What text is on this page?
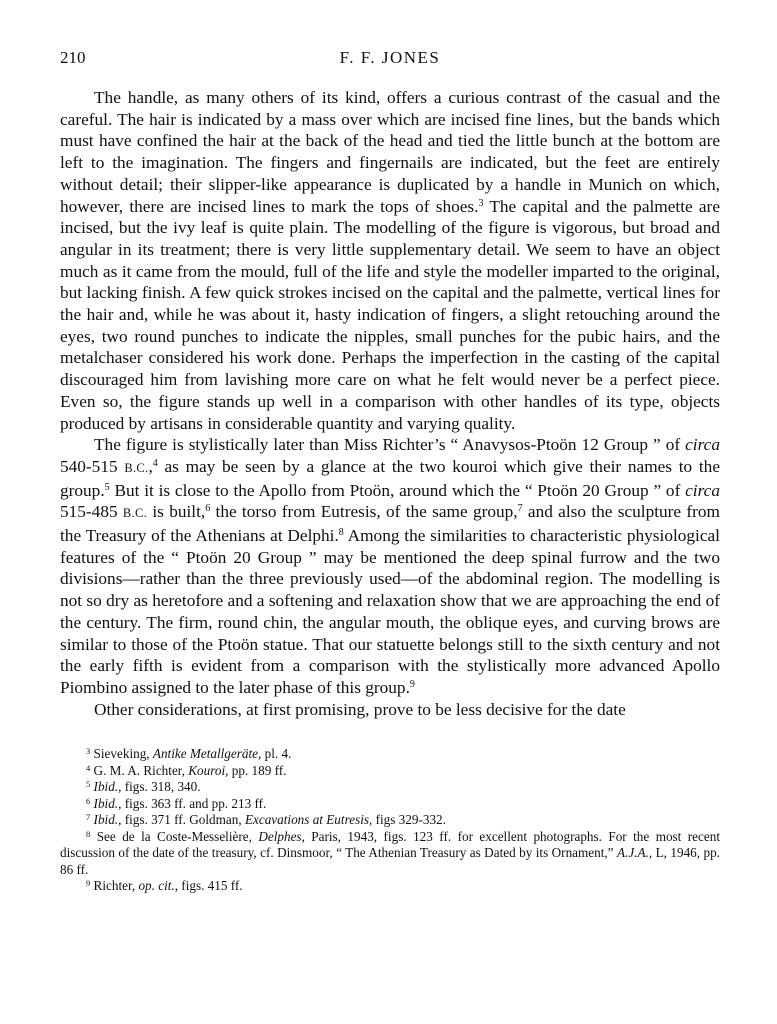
210	F. F. JONES

The handle, as many others of its kind, offers a curious contrast of the casual and the careful. The hair is indicated by a mass over which are incised fine lines, but the bands which must have confined the hair at the back of the head and tied the little bunch at the bottom are left to the imagination. The fingers and fingernails are indicated, but the feet are entirely without detail; their slipper-like appearance is duplicated by a handle in Munich on which, however, there are incised lines to mark the tops of shoes.$^3$ The capital and the palmette are incised, but the ivy leaf is quite plain. The modelling of the figure is vigorous, but broad and angular in its treatment; there is very little supplementary detail. We seem to have an object much as it came from the mould, full of the life and style the modeller imparted to the original, but lacking finish. A few quick strokes incised on the capital and the palmette, vertical lines for the hair and, while he was about it, hasty indication of fingers, a slight retouching around the eyes, two round punches to indicate the nipples, small punches for the pubic hairs, and the metalchaser considered his work done. Perhaps the imperfection in the casting of the capital discouraged him from lavishing more care on what he felt would never be a perfect piece. Even so, the figure stands up well in a comparison with other handles of its type, objects produced by artisans in considerable quantity and varying quality.

The figure is stylistically later than Miss Richter’s “ Anavysos-Ptoön 12 Group ” of circa 540-515 B.C.,$^4$ as may be seen by a glance at the two kouroi which give their names to the group.$^5$ But it is close to the Apollo from Ptoön, around which the “ Ptoön 20 Group ” of circa 515-485 B.C. is built,$^6$ the torso from Eutresis, of the same group,$^7$ and also the sculpture from the Treasury of the Athenians at Delphi.$^8$ Among the similarities to characteristic physiological features of the “ Ptoön 20 Group ” may be mentioned the deep spinal furrow and the two divisions—rather than the three previously used—of the abdominal region. The modelling is not so dry as heretofore and a softening and relaxation show that we are approaching the end of the century. The firm, round chin, the angular mouth, the oblique eyes, and curving brows are similar to those of the Ptoön statue. That our statuette belongs still to the sixth century and not the early fifth is evident from a comparison with the stylistically more advanced Apollo Piombino assigned to the later phase of this group.$^9$

Other considerations, at first promising, prove to be less decisive for the date

$^3$ Sieveking, Antike Metallgeräte, pl. 4.

$^4$ G. M. A. Richter, Kouroi, pp. 189 ff.

$^5$ Ibid., figs. 318, 340.

$^6$ Ibid., figs. 363 ff. and pp. 213 ff.

$^7$ Ibid., figs. 371 ff. Goldman, Excavations at Eutresis, figs 329-332.

$^8$ See de la Coste-Messelière, Delphes, Paris, 1943, figs. 123 ff. for excellent photographs. For the most recent discussion of the date of the treasury, cf. Dinsmoor, “ The Athenian Treasury as Dated by its Ornament,” A.J.A., L, 1946, pp. 86 ff.

$^9$ Richter, op. cit., figs. 415 ff.
